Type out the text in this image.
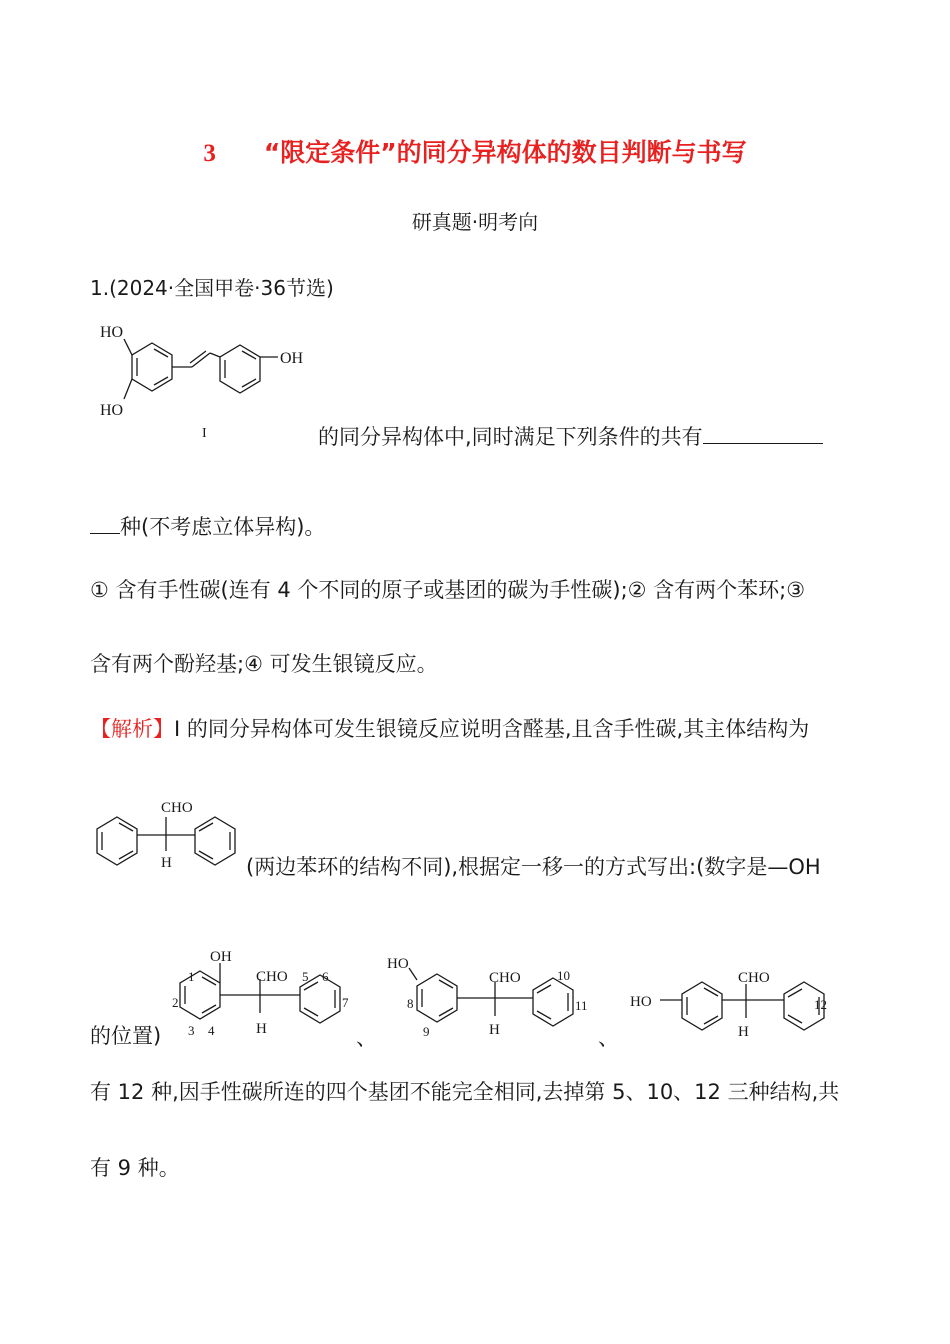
3 “限定条件”的同分异构体的数目判断与书写
研真题·明考向
1.(2024·全国甲卷·36节选)
HO
HO
OH
I	的同分异构体中,同时满足下列条件的共有
种(不考虑立体异构)。
① 含有手性碳(连有 4 个不同的原子或基团的碳为手性碳);② 含有两个苯环;③
含有两个酚羟基;④ 可发生银镜反应。
【解析】I 的同分异构体可发生银镜反应说明含醛基,且含手性碳,其主体结构为
CHO
H	(两边苯环的结构不同),根据定一移一的方式写出:(数字是—OH
的位置)
OH
CHO
H
1
2
3 4
5 6
7
、
HO
CHO
H
8
9
10
11
、
HO
CHO
H
12
有 12 种,因手性碳所连的四个基团不能完全相同,去掉第 5、10、12 三种结构,共
有 9 种。
